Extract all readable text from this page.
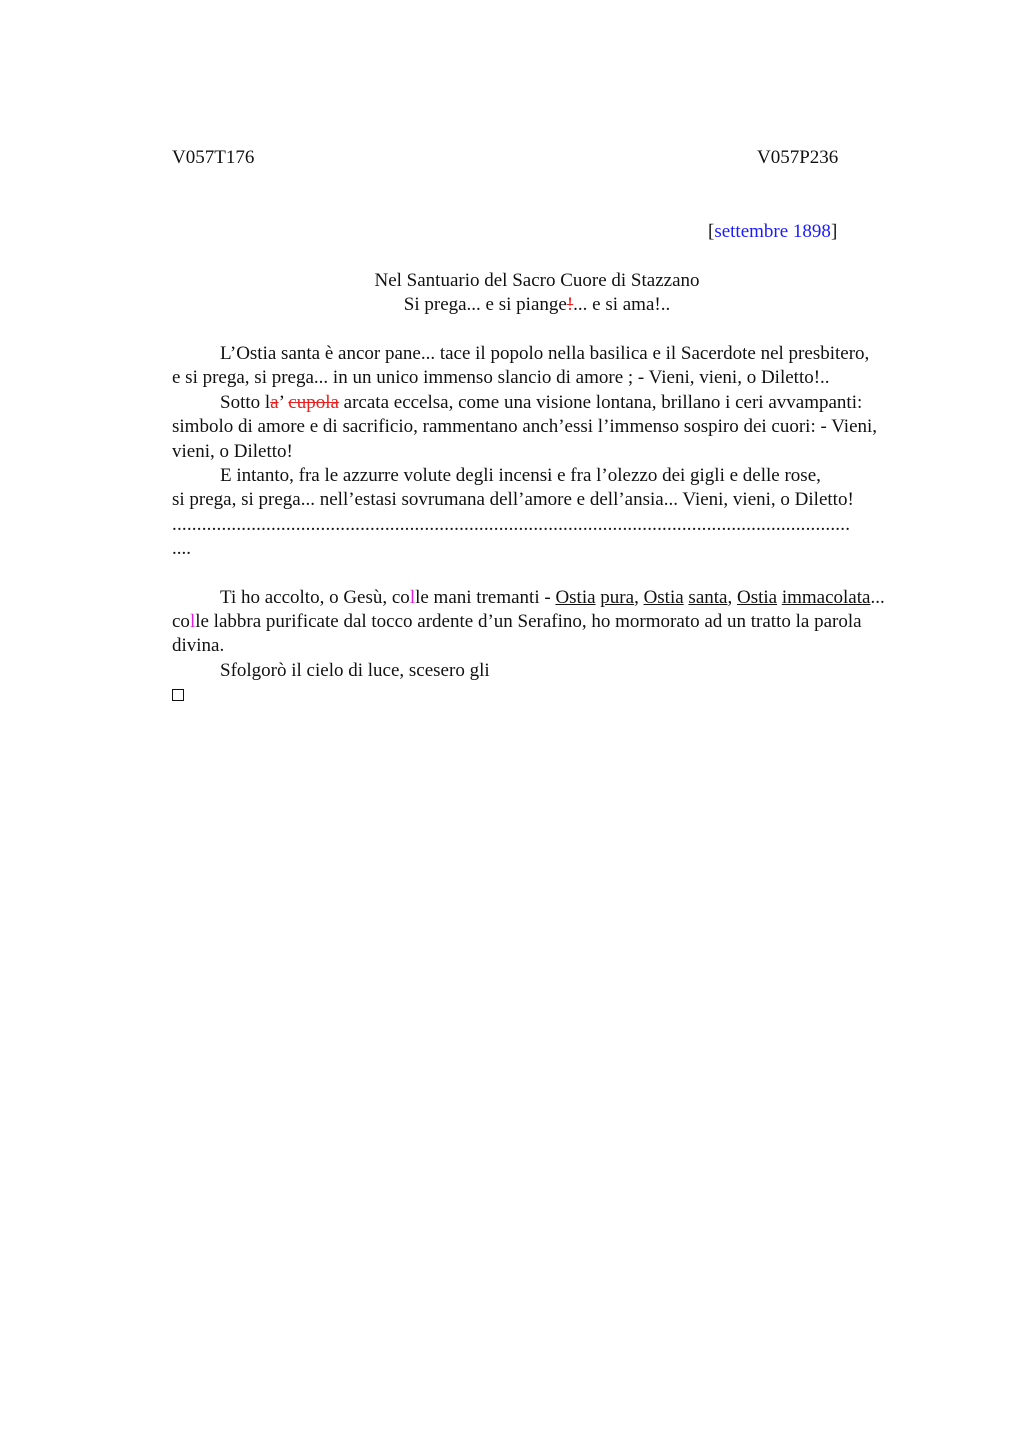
V057T176	V057P236
[settembre 1898]
Nel Santuario del Sacro Cuore di Stazzano
Si prega... e si piange!... e si ama!..
L’Ostia santa è ancor pane... tace il popolo nella basilica e il Sacerdote nel presbitero,
e si prega, si prega... in un unico immenso slancio di amore ; - Vieni, vieni, o Diletto!..
Sotto la’ cupola arcata eccelsa, come una visione lontana, brillano i ceri avvampanti:
simbolo di amore e di sacrificio, rammentano anch’essi l’immenso sospiro dei cuori: - Vieni, vieni, o Diletto!
E intanto, fra le azzurre volute degli incensi e fra l’olezzo dei gigli e delle rose,
si prega, si prega... nell’estasi sovrumana dell’amore e dell’ansia... Vieni, vieni, o Diletto!
.........................................................................................................................................
....
Ti ho accolto, o Gesù, colle mani tremanti - Ostia pura, Ostia santa, Ostia immacolata... colle labbra purificate dal tocco ardente d’un Serafino, ho mormorato ad un tratto la parola divina.
Sfolgorò il cielo di luce, scesero gli
